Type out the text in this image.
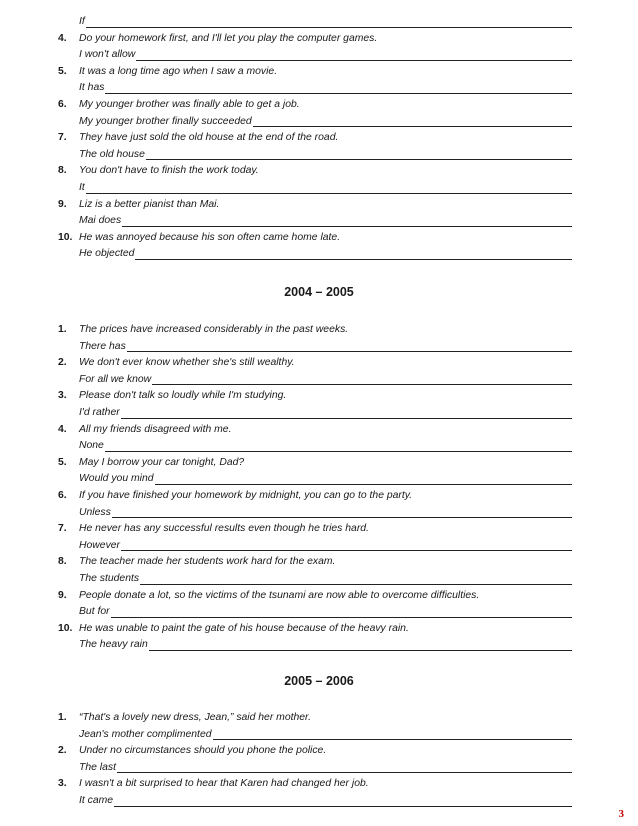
If
4. Do your homework first, and I'll let you play the computer games.

I won't allow
5. It was a long time ago when I saw a movie.

It has
6. My younger brother was finally able to get a job.

My younger brother finally succeeded
7. They have just sold the old house at the end of the road.

The old house
8. You don't have to finish the work today.

It
9. Liz is a better pianist than Mai.

Mai does
10. He was annoyed because his son often came home late.

He objected
2004 – 2005
1. The prices have increased considerably in the past weeks.

There has
2. We don't ever know whether she's still wealthy.

For all we know
3. Please don't talk so loudly while I'm studying.

I'd rather
4. All my friends disagreed with me.

None
5. May I borrow your car tonight, Dad?

Would you mind
6. If you have finished your homework by midnight, you can go to the party.

Unless
7. He never has any successful results even though he tries hard.

However
8. The teacher made her students work hard for the exam.

The students
9. People donate a lot, so the victims of the tsunami are now able to overcome difficulties.

But for
10. He was unable to paint the gate of his house because of the heavy rain.

The heavy rain
2005 – 2006
1. “That's a lovely new dress, Jean,” said her mother.

Jean's mother complimented
2. Under no circumstances should you phone the police.

The last
3. I wasn't a bit surprised to hear that Karen had changed her job.

It came
3
